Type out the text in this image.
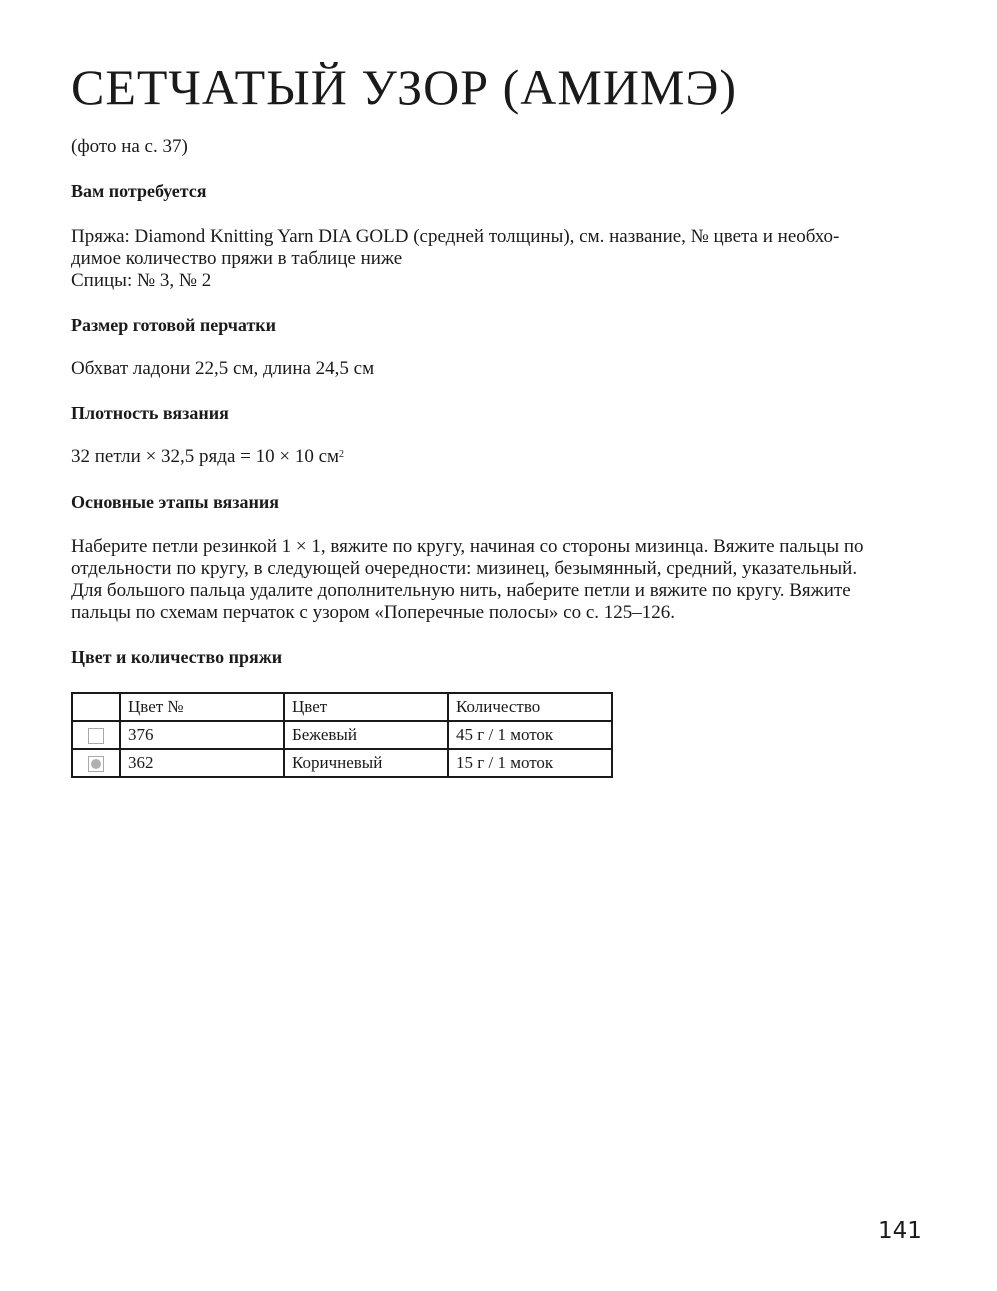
СЕТЧАТЫЙ УЗОР (АМИМЭ)
(фото на с. 37)
Вам потребуется
Пряжа: Diamond Knitting Yarn DIA GOLD (средней толщины), см. название, № цвета и необхо-
димое количество пряжи в таблице ниже
Спицы: № 3, № 2
Размер готовой перчатки
Обхват ладони 22,5 см, длина 24,5 см
Плотность вязания
32 петли × 32,5 ряда = 10 × 10 $см^2$
Основные этапы вязания
Наберите петли резинкой 1 × 1, вяжите по кругу, начиная со стороны мизинца. Вяжите пальцы по
отдельности по кругу, в следующей очередности: мизинец, безымянный, средний, указательный.
Для большого пальца удалите дополнительную нить, наберите петли и вяжите по кругу. Вяжите
пальцы по схемам перчаток с узором «Поперечные полосы» со с. 125–126.
Цвет и количество пряжи
	Цвет №	Цвет	Количество
	376	Бежевый	45 г / 1 моток
	362	Коричневый	15 г / 1 моток
141
